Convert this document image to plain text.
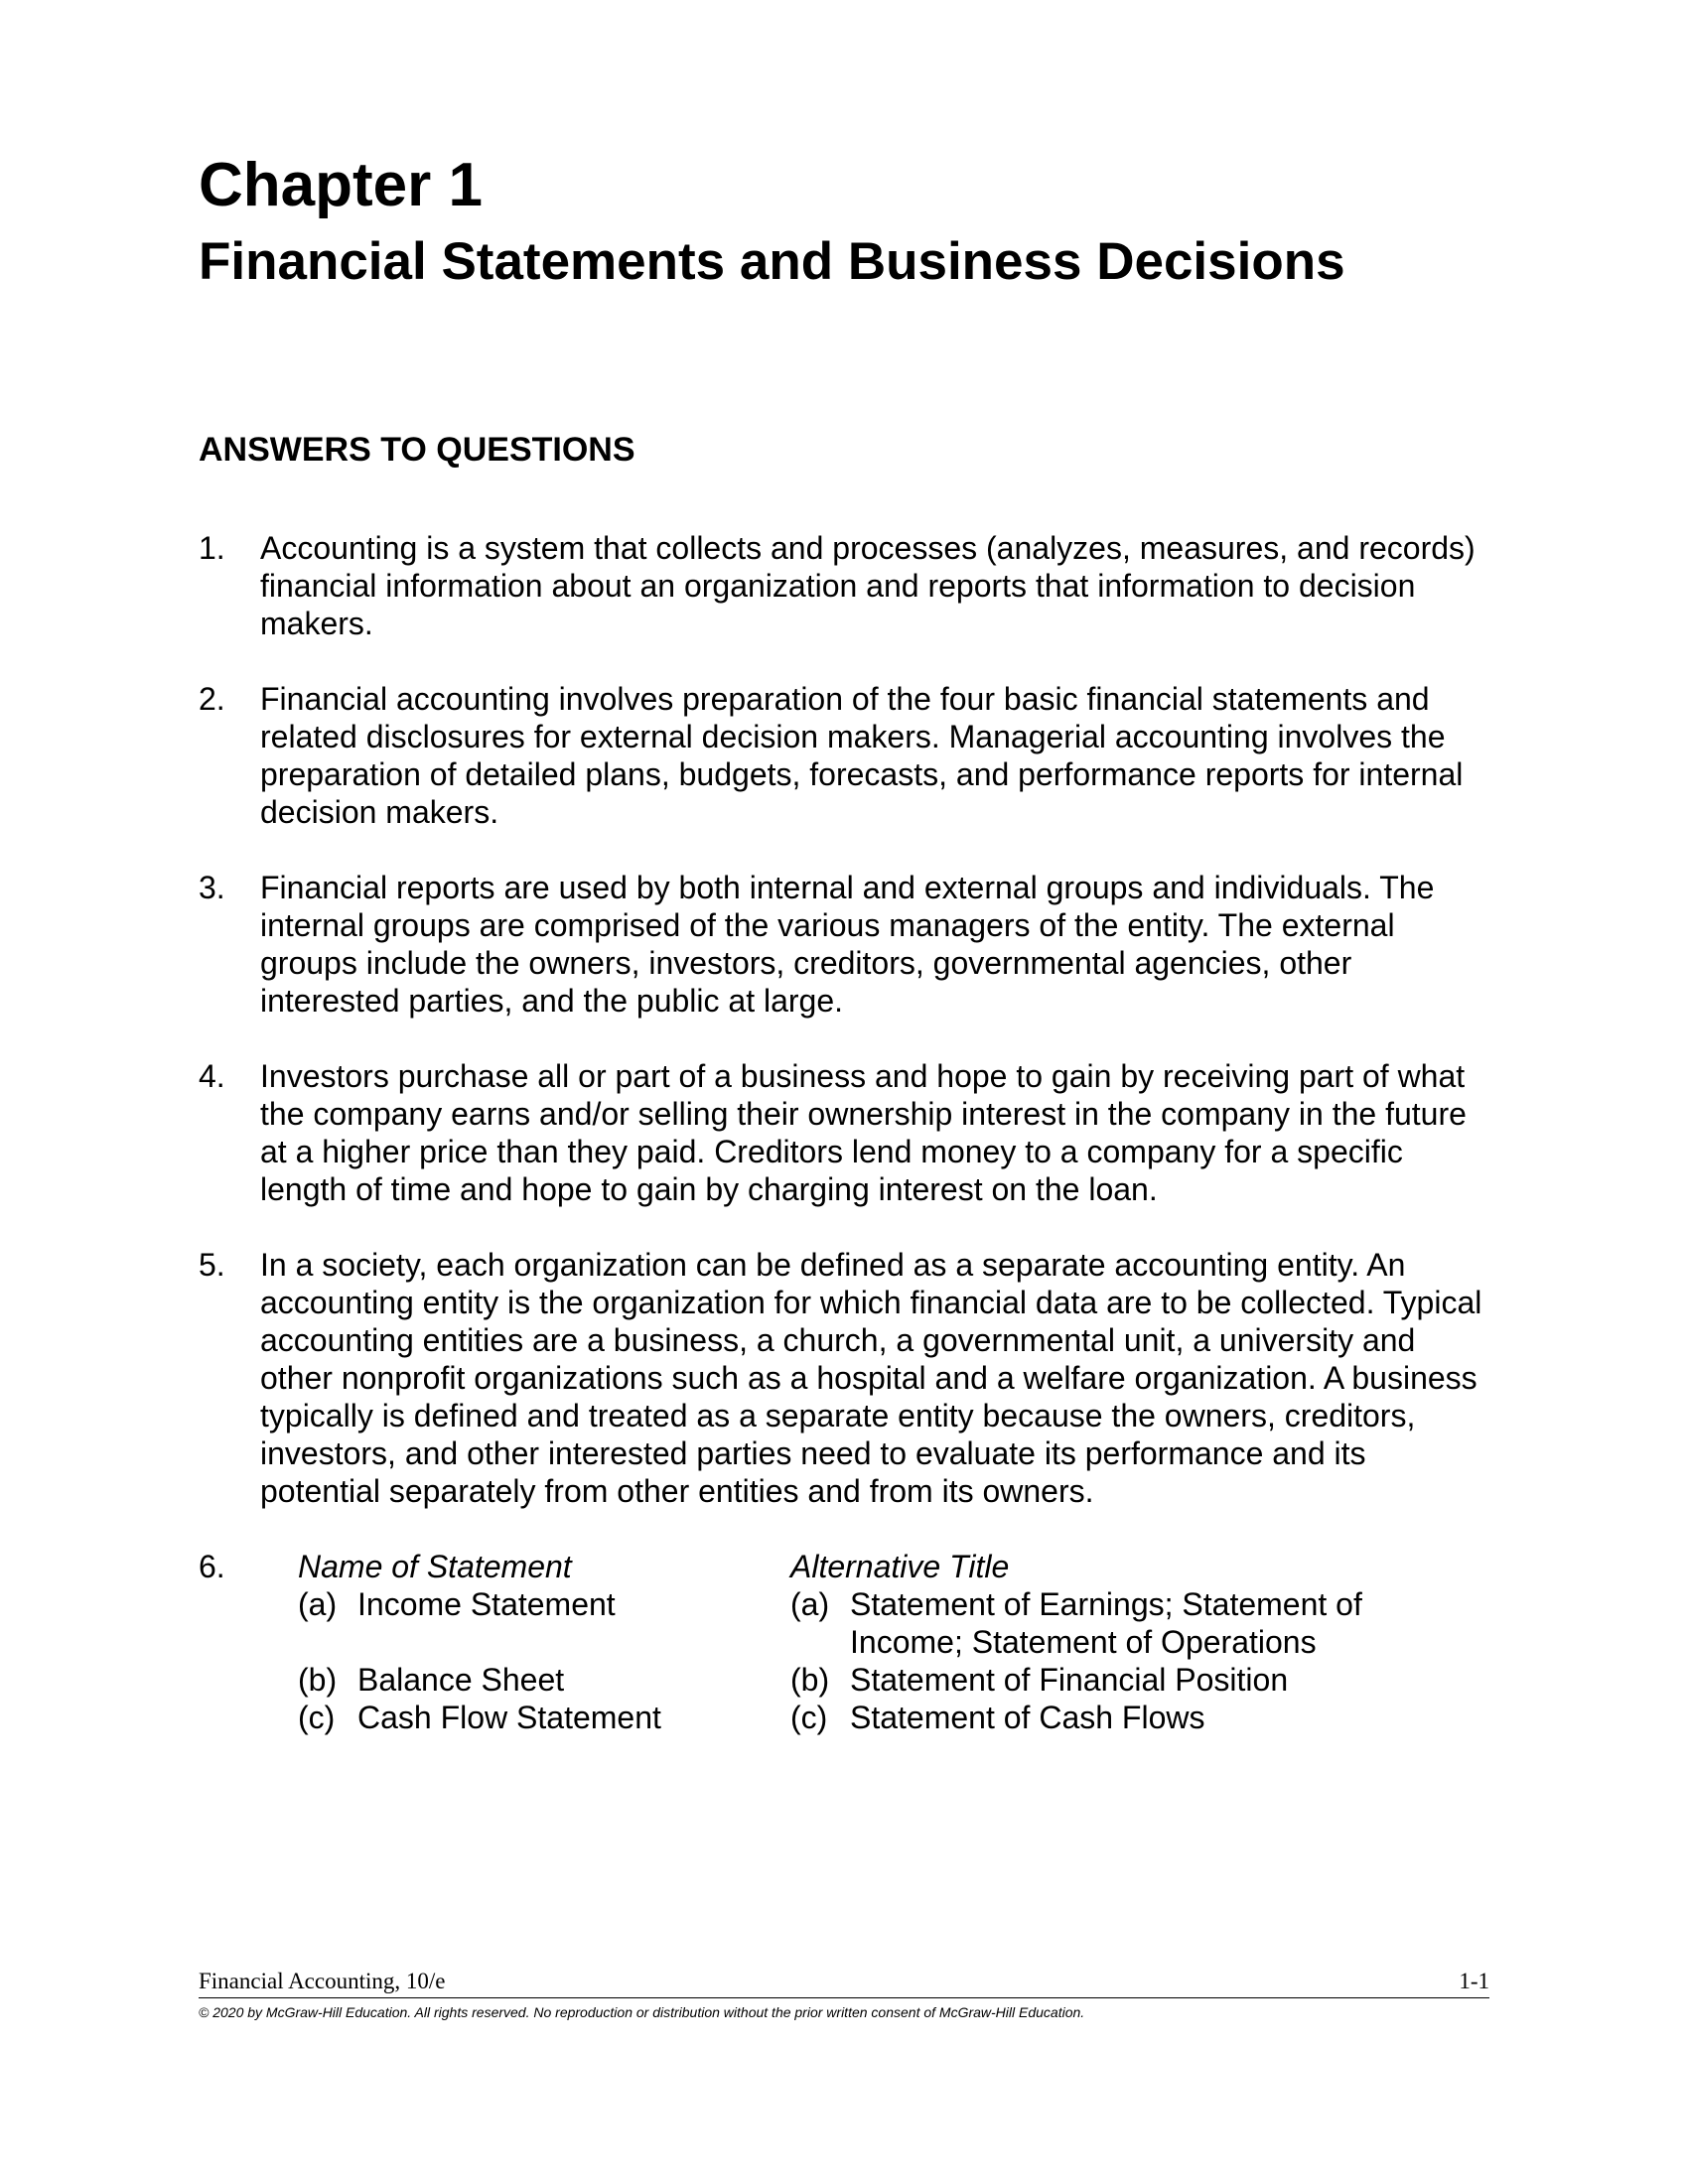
Chapter 1
Financial Statements and Business Decisions
ANSWERS TO QUESTIONS
1. Accounting is a system that collects and processes (analyzes, measures, and records) financial information about an organization and reports that information to decision makers.
2. Financial accounting involves preparation of the four basic financial statements and related disclosures for external decision makers. Managerial accounting involves the preparation of detailed plans, budgets, forecasts, and performance reports for internal decision makers.
3. Financial reports are used by both internal and external groups and individuals. The internal groups are comprised of the various managers of the entity. The external groups include the owners, investors, creditors, governmental agencies, other interested parties, and the public at large.
4. Investors purchase all or part of a business and hope to gain by receiving part of what the company earns and/or selling their ownership interest in the company in the future at a higher price than they paid. Creditors lend money to a company for a specific length of time and hope to gain by charging interest on the loan.
5. In a society, each organization can be defined as a separate accounting entity. An accounting entity is the organization for which financial data are to be collected. Typical accounting entities are a business, a church, a governmental unit, a university and other nonprofit organizations such as a hospital and a welfare organization. A business typically is defined and treated as a separate entity because the owners, creditors, investors, and other interested parties need to evaluate its performance and its potential separately from other entities and from its owners.
6. Name of Statement
(a) Income Statement
(b) Balance Sheet
(c) Cash Flow Statement
Alternative Title
(a) Statement of Earnings; Statement of Income; Statement of Operations
(b) Statement of Financial Position
(c) Statement of Cash Flows
Financial Accounting, 10/e	1-1
© 2020 by McGraw-Hill Education. All rights reserved. No reproduction or distribution without the prior written consent of McGraw-Hill Education.
